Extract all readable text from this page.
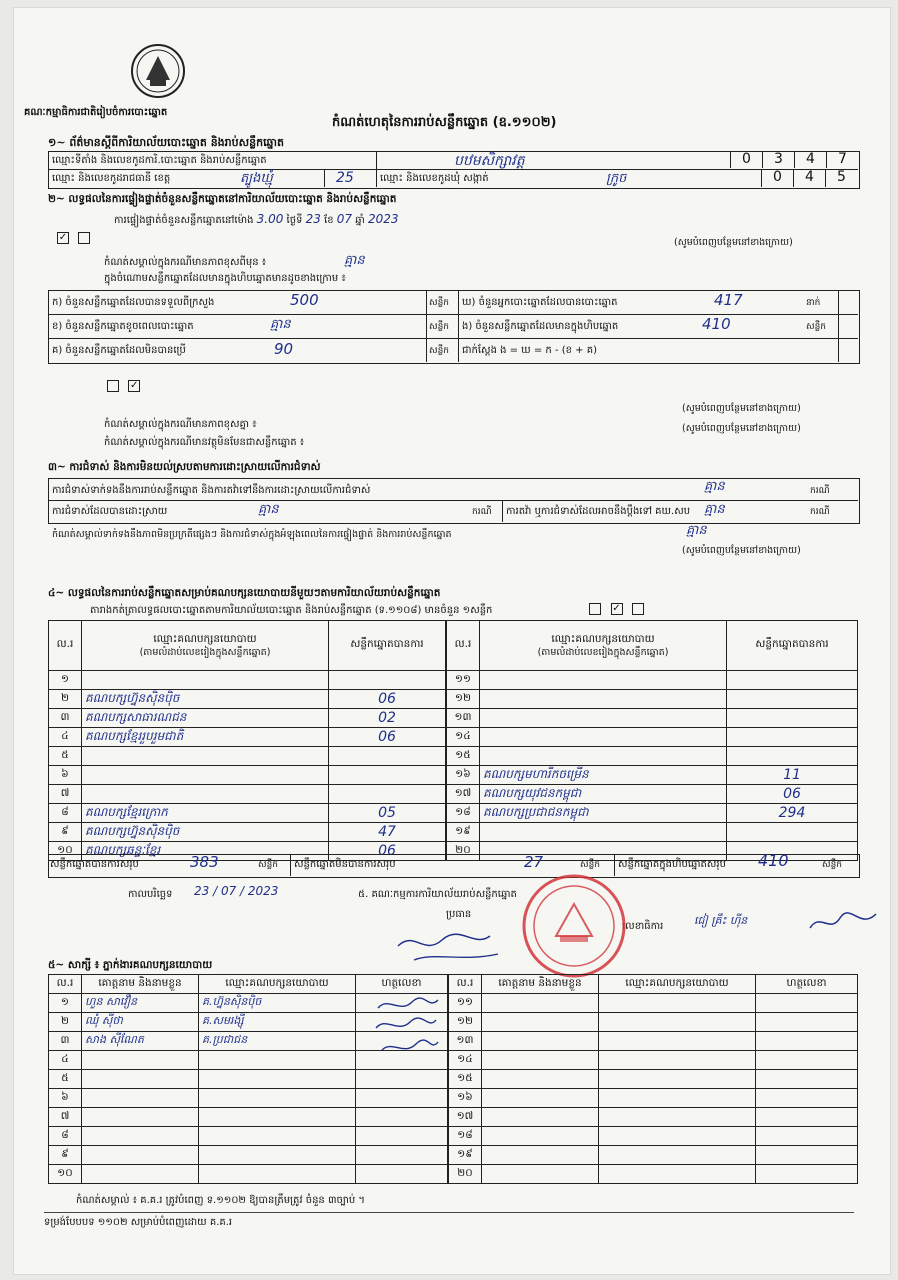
គណៈកម្មាធិការជាតិរៀបចំការបោះឆ្នោត
កំណត់ហេតុនៃការរាប់សន្លឹកឆ្នោត (ឧ.១១០២)
១~ ព័ត៌មានស្តីពីការិយាល័យបោះឆ្នោត និងរាប់សន្លឹកឆ្នោត
ឈ្មោះទីតាំង និងលេខកូដការិ.បោះឆ្នោត និងរាប់សន្លឹកឆ្នោត	បឋមសិក្សាវត្ត	0	3	4	7
ឈ្មោះ និងលេខកូដរាជធានី ខេត្ត	ត្បូងឃ្មុំ	25	ឈ្មោះ និងលេខកូដឃុំ សង្កាត់	ក្រូច	0	4	5
២~ លទ្ធផលនៃការផ្ទៀងផ្ទាត់ចំនួនសន្លឹកឆ្នោតនៅការិយាល័យបោះឆ្នោត និងរាប់សន្លឹកឆ្នោត
ការផ្ទៀងផ្ទាត់ចំនួនសន្លឹកឆ្នោតនៅម៉ោង 3.00 ថ្ងៃទី 23 ខែ 07 ឆ្នាំ 2023
✓	(សូមបំពេញបន្ថែមនៅខាងក្រោយ)
កំណត់សម្គាល់ក្នុងករណីមានភាពខុសពីមុន ៖	គ្មាន
ក្នុងចំណោមសន្លឹកឆ្នោតដែលមានក្នុងហិបឆ្នោតមានដូចខាងក្រោម ៖
ក) ចំនួនសន្លឹកឆ្នោតដែលបានទទួលពីក្រសួង	500	សន្លឹក
ខ) ចំនួនសន្លឹកឆ្នោតខូចពេលបោះឆ្នោត	គ្មាន	សន្លឹក
គ) ចំនួនសន្លឹកឆ្នោតដែលមិនបានប្រើ	90	សន្លឹក
ឃ) ចំនួនអ្នកបោះឆ្នោតដែលបានបោះឆ្នោត	417	នាក់
ង) ចំនួនសន្លឹកឆ្នោតដែលមានក្នុងហិបឆ្នោត	410	សន្លឹក
ជាក់ស្តែង ង = ឃ = ក - (ខ + គ)
✓
(សូមបំពេញបន្ថែមនៅខាងក្រោយ)
កំណត់សម្គាល់ក្នុងករណីមានភាពខុសគ្នា ៖	(សូមបំពេញបន្ថែមនៅខាងក្រោយ)
កំណត់សម្គាល់ក្នុងករណីមានវត្ថុមិនមែនជាសន្លឹកឆ្នោត ៖
៣~ ការជំទាស់ និងការមិនយល់ស្របតាមការដោះស្រាយលើការជំទាស់
ការជំទាស់ទាក់ទងនឹងការរាប់សន្លឹកឆ្នោត និងការតវ៉ាទៅនឹងការដោះស្រាយលើការជំទាស់	គ្មាន	ករណី
ការជំទាស់ដែលបានដោះស្រាយ	គ្មាន	ករណី ការតវ៉ា ឬការជំទាស់ដែលអាចនឹងប្តឹងទៅ គឃ.សប គ្មាន	ករណី
កំណត់សម្គាល់ទាក់ទងនឹងភាពមិនប្រក្រតីផ្សេងៗ និងការជំទាស់ក្នុងអំឡុងពេលនៃការផ្ទៀងផ្ទាត់ និងការរាប់សន្លឹកឆ្នោត	គ្មាន
(សូមបំពេញបន្ថែមនៅខាងក្រោយ)
៤~ លទ្ធផលនៃការរាប់សន្លឹកឆ្នោតសម្រាប់គណបក្សនយោបាយនីមួយៗតាមការិយាល័យរាប់សន្លឹកឆ្នោត
តារាងកត់ត្រាលទ្ធផលបោះឆ្នោតតាមការិយាល័យបោះឆ្នោត និងរាប់សន្លឹកឆ្នោត (ទ.១១០៨) មានចំនួន ១សន្លឹក	✓
ល.រ	ឈ្មោះគណបក្សនយោបាយ
(តាមលំដាប់លេខរៀងក្នុងសន្លឹកឆ្នោត)	សន្លឹកឆ្នោតបានការ
១		
២	គណបក្សហ្វ៊ុនស៊ិនប៉ិច	06
៣	គណបក្សសាធារណជន	02
៤	គណបក្សខ្មែររួបរួមជាតិ	06
៥		
៦		
៧		
៨	គណបក្សខ្មែរក្រោក	05
៩	គណបក្សហ្វ៊ុនស៊ិនប៉ិច	47
១០	គណបក្សឆន្ទៈខ្មែរ	06
ល.រ	ឈ្មោះគណបក្សនយោបាយ
(តាមលំដាប់លេខរៀងក្នុងសន្លឹកឆ្នោត)	សន្លឹកឆ្នោតបានការ
១១		
១២		
១៣		
១៤		
១៥		
១៦	គណបក្សមហារីកចម្រើន	11
១៧	គណបក្សយុវជនកម្ពុជា	06
១៨	គណបក្សប្រជាជនកម្ពុជា	294
១៩		
២០		
សន្លឹកឆ្នោតបានការសរុប	383	សន្លឹក សន្លឹកឆ្នោតមិនបានការសរុប	27	សន្លឹក សន្លឹកឆ្នោតក្នុងហិបឆ្នោតសរុប 410	សន្លឹក
កាលបរិច្ឆេទ 23 / 07 / 2023	៥. គណៈកម្មការការិយាល័យរាប់សន្លឹកឆ្នោត
ប្រធាន
លេខាធិការ	ជៀ គ្រឹះ ហ៊ីន
៥~ សាក្សី ៖ ភ្នាក់ងារគណបក្សនយោបាយ
ល.រ	គោត្តនាម និងនាមខ្លួន	ឈ្មោះគណបក្សនយោបាយ	ហត្ថលេខា
១	ហួន សាវឿន	គ.ហ្វ៊ុនស៊ិនប៉ិច	
២	ឈុំ ស៊ីថា	គ.សមរង្ស៊ី	
៣	សាង ស៊ីណែត	គ.ប្រជាជន	
៤			
៥			
៦			
៧			
៨			
៩			
១០			
ល.រ	គោត្តនាម និងនាមខ្លួន	ឈ្មោះគណបក្សនយោបាយ	ហត្ថលេខា
១១			
១២			
១៣			
១៤			
១៥			
១៦			
១៧			
១៨			
១៩			
២០			
កំណត់សម្គាល់ ៖ គ.គ.រ ត្រូវបំពេញ ទ.១១០២ ឱ្យបានត្រឹមត្រូវ ចំនួន ៣ច្បាប់ ។
ទម្រង់បែបបទ ១១០២ សម្រាប់បំពេញដោយ គ.គ.រ
